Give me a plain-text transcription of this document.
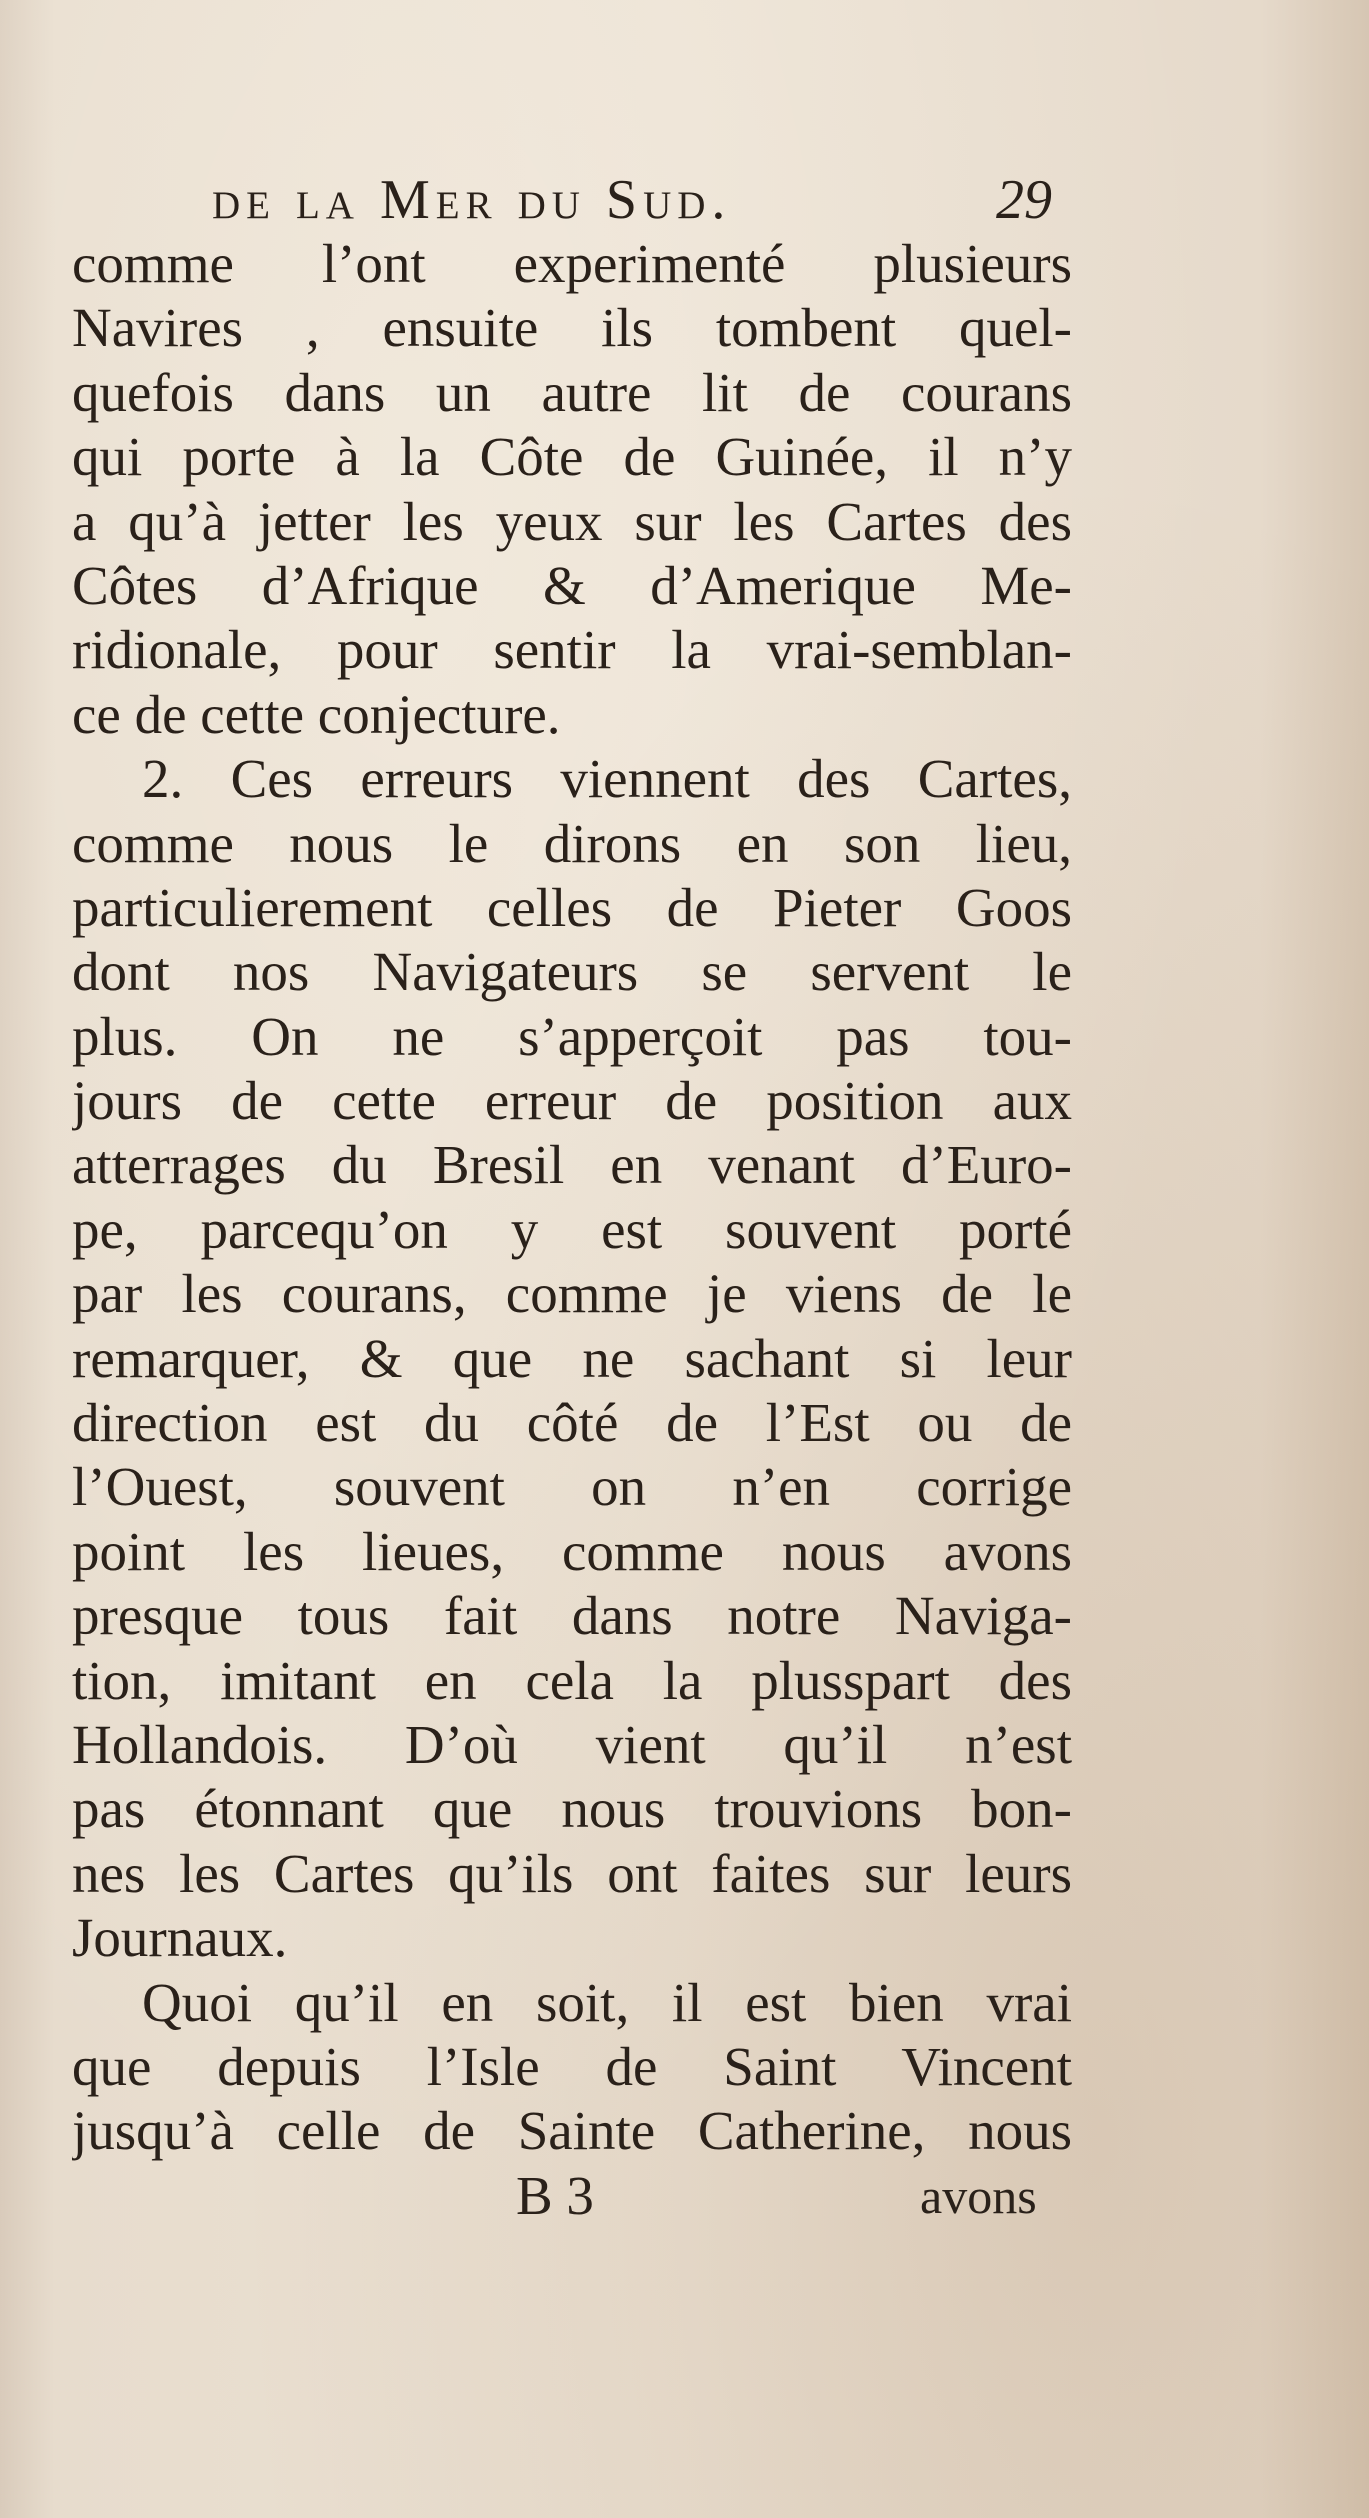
de la Mer du Sud.	29
comme l’ont experimenté plusieurs
Navires , ensuite ils tombent quel-
quefois dans un autre lit de courans
qui porte à la Côte de Guinée, il n’y
a qu’à jetter les yeux sur les Cartes des
Côtes d’Afrique & d’Amerique Me-
ridionale, pour sentir la vrai-semblan-
ce de cette conjecture.
2. Ces erreurs viennent des Cartes,
comme nous le dirons en son lieu,
particulierement celles de Pieter Goos
dont nos Navigateurs se servent le
plus. On ne s’apperçoit pas tou-
jours de cette erreur de position aux
atterrages du Bresil en venant d’Euro-
pe, parcequ’on y est souvent porté
par les courans, comme je viens de le
remarquer, & que ne sachant si leur
direction est du côté de l’Est ou de
l’Ouest, souvent on n’en corrige
point les lieues, comme nous avons
presque tous fait dans notre Naviga-
tion, imitant en cela la plusspart des
Hollandois. D’où vient qu’il n’est
pas étonnant que nous trouvions bon-
nes les Cartes qu’ils ont faites sur leurs
Journaux.
Quoi qu’il en soit, il est bien vrai
que depuis l’Isle de Saint Vincent
jusqu’à celle de Sainte Catherine, nous
B 3	avons
